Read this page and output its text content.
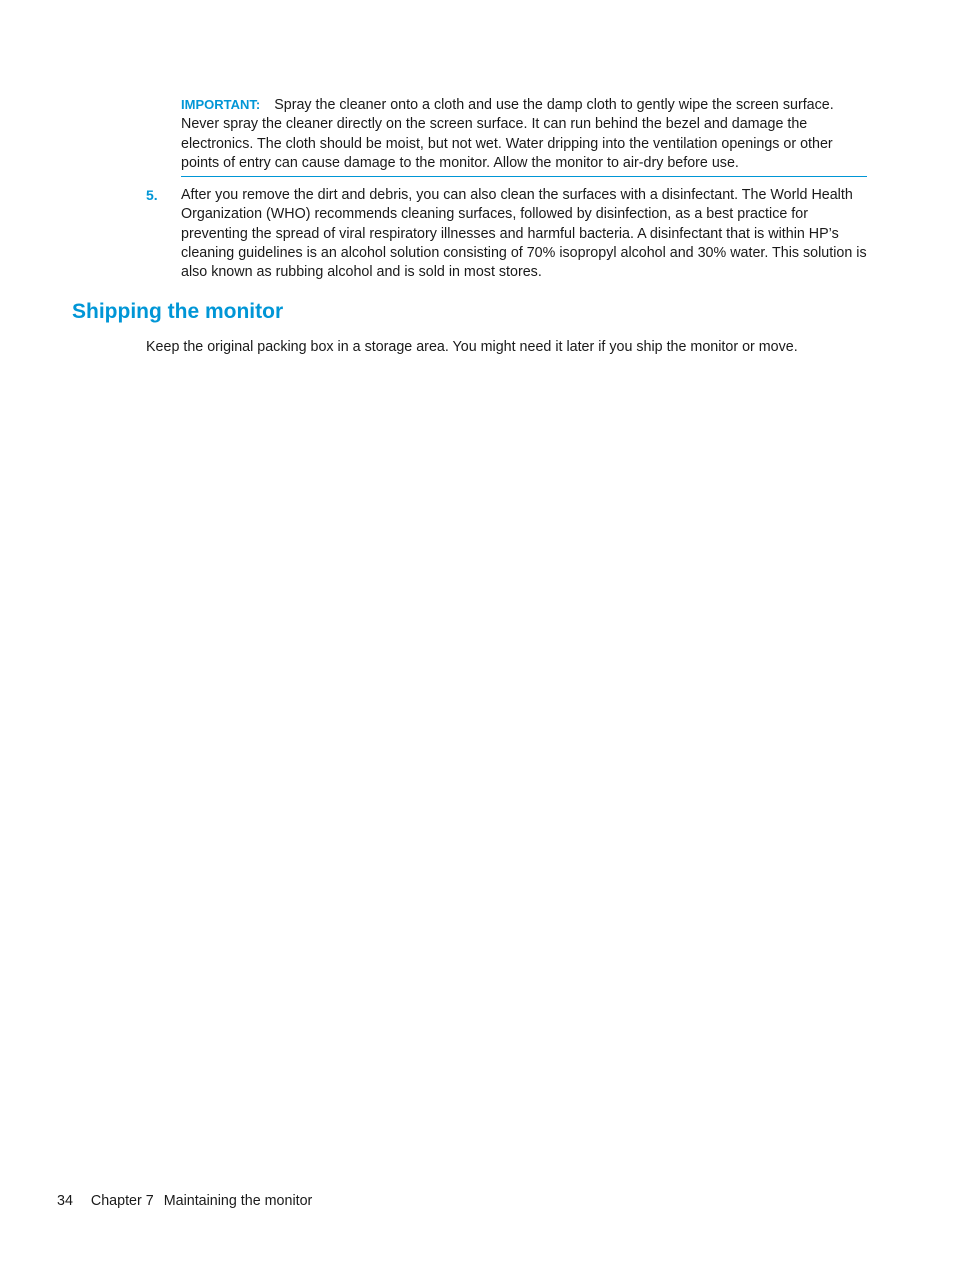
IMPORTANT: Spray the cleaner onto a cloth and use the damp cloth to gently wipe the screen surface. Never spray the cleaner directly on the screen surface. It can run behind the bezel and damage the electronics. The cloth should be moist, but not wet. Water dripping into the ventilation openings or other points of entry can cause damage to the monitor. Allow the monitor to air-dry before use.
5. After you remove the dirt and debris, you can also clean the surfaces with a disinfectant. The World Health Organization (WHO) recommends cleaning surfaces, followed by disinfection, as a best practice for preventing the spread of viral respiratory illnesses and harmful bacteria. A disinfectant that is within HP’s cleaning guidelines is an alcohol solution consisting of 70% isopropyl alcohol and 30% water. This solution is also known as rubbing alcohol and is sold in most stores.
Shipping the monitor

Keep the original packing box in a storage area. You might need it later if you ship the monitor or move.

34 Chapter 7 Maintaining the monitor
